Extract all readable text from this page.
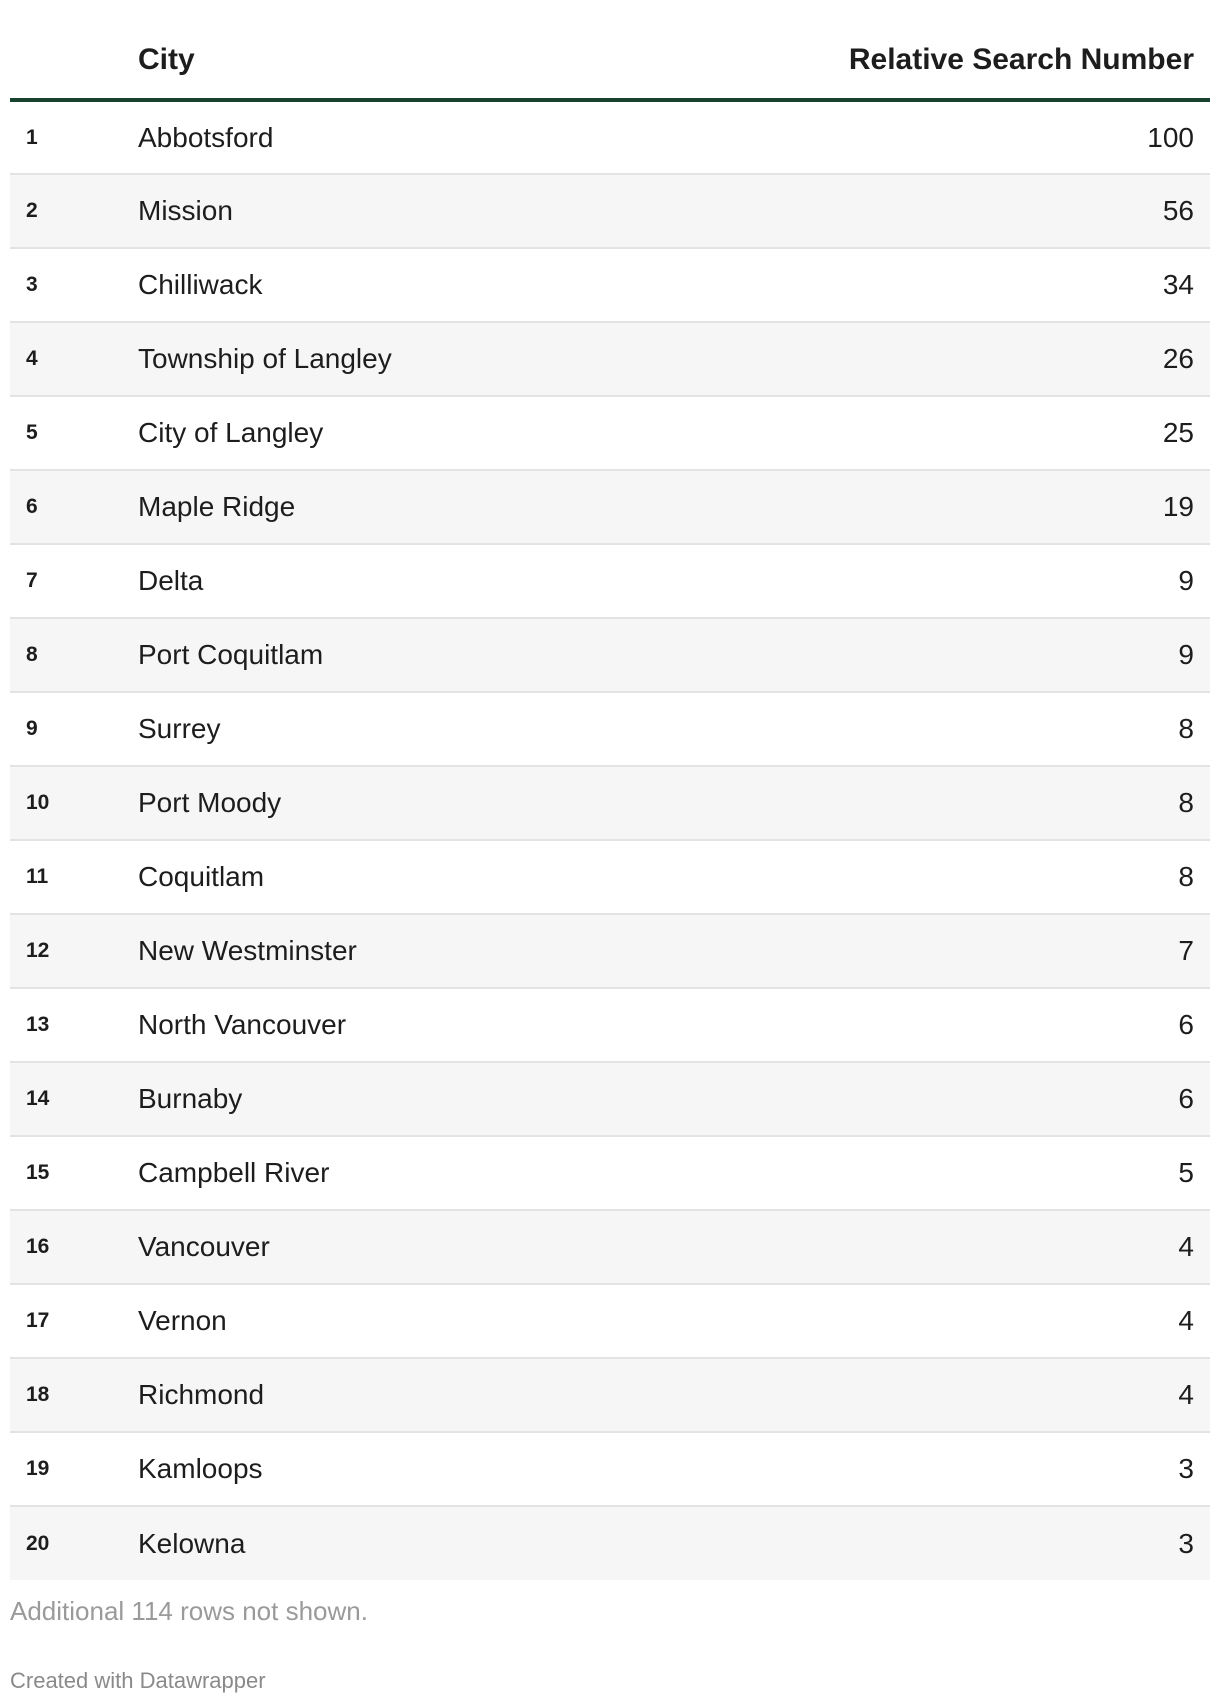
	City	Relative Search Number
1	Abbotsford	100
2	Mission	56
3	Chilliwack	34
4	Township of Langley	26
5	City of Langley	25
6	Maple Ridge	19
7	Delta	9
8	Port Coquitlam	9
9	Surrey	8
10	Port Moody	8
11	Coquitlam	8
12	New Westminster	7
13	North Vancouver	6
14	Burnaby	6
15	Campbell River	5
16	Vancouver	4
17	Vernon	4
18	Richmond	4
19	Kamloops	3
20	Kelowna	3
Additional 114 rows not shown.
Created with Datawrapper
